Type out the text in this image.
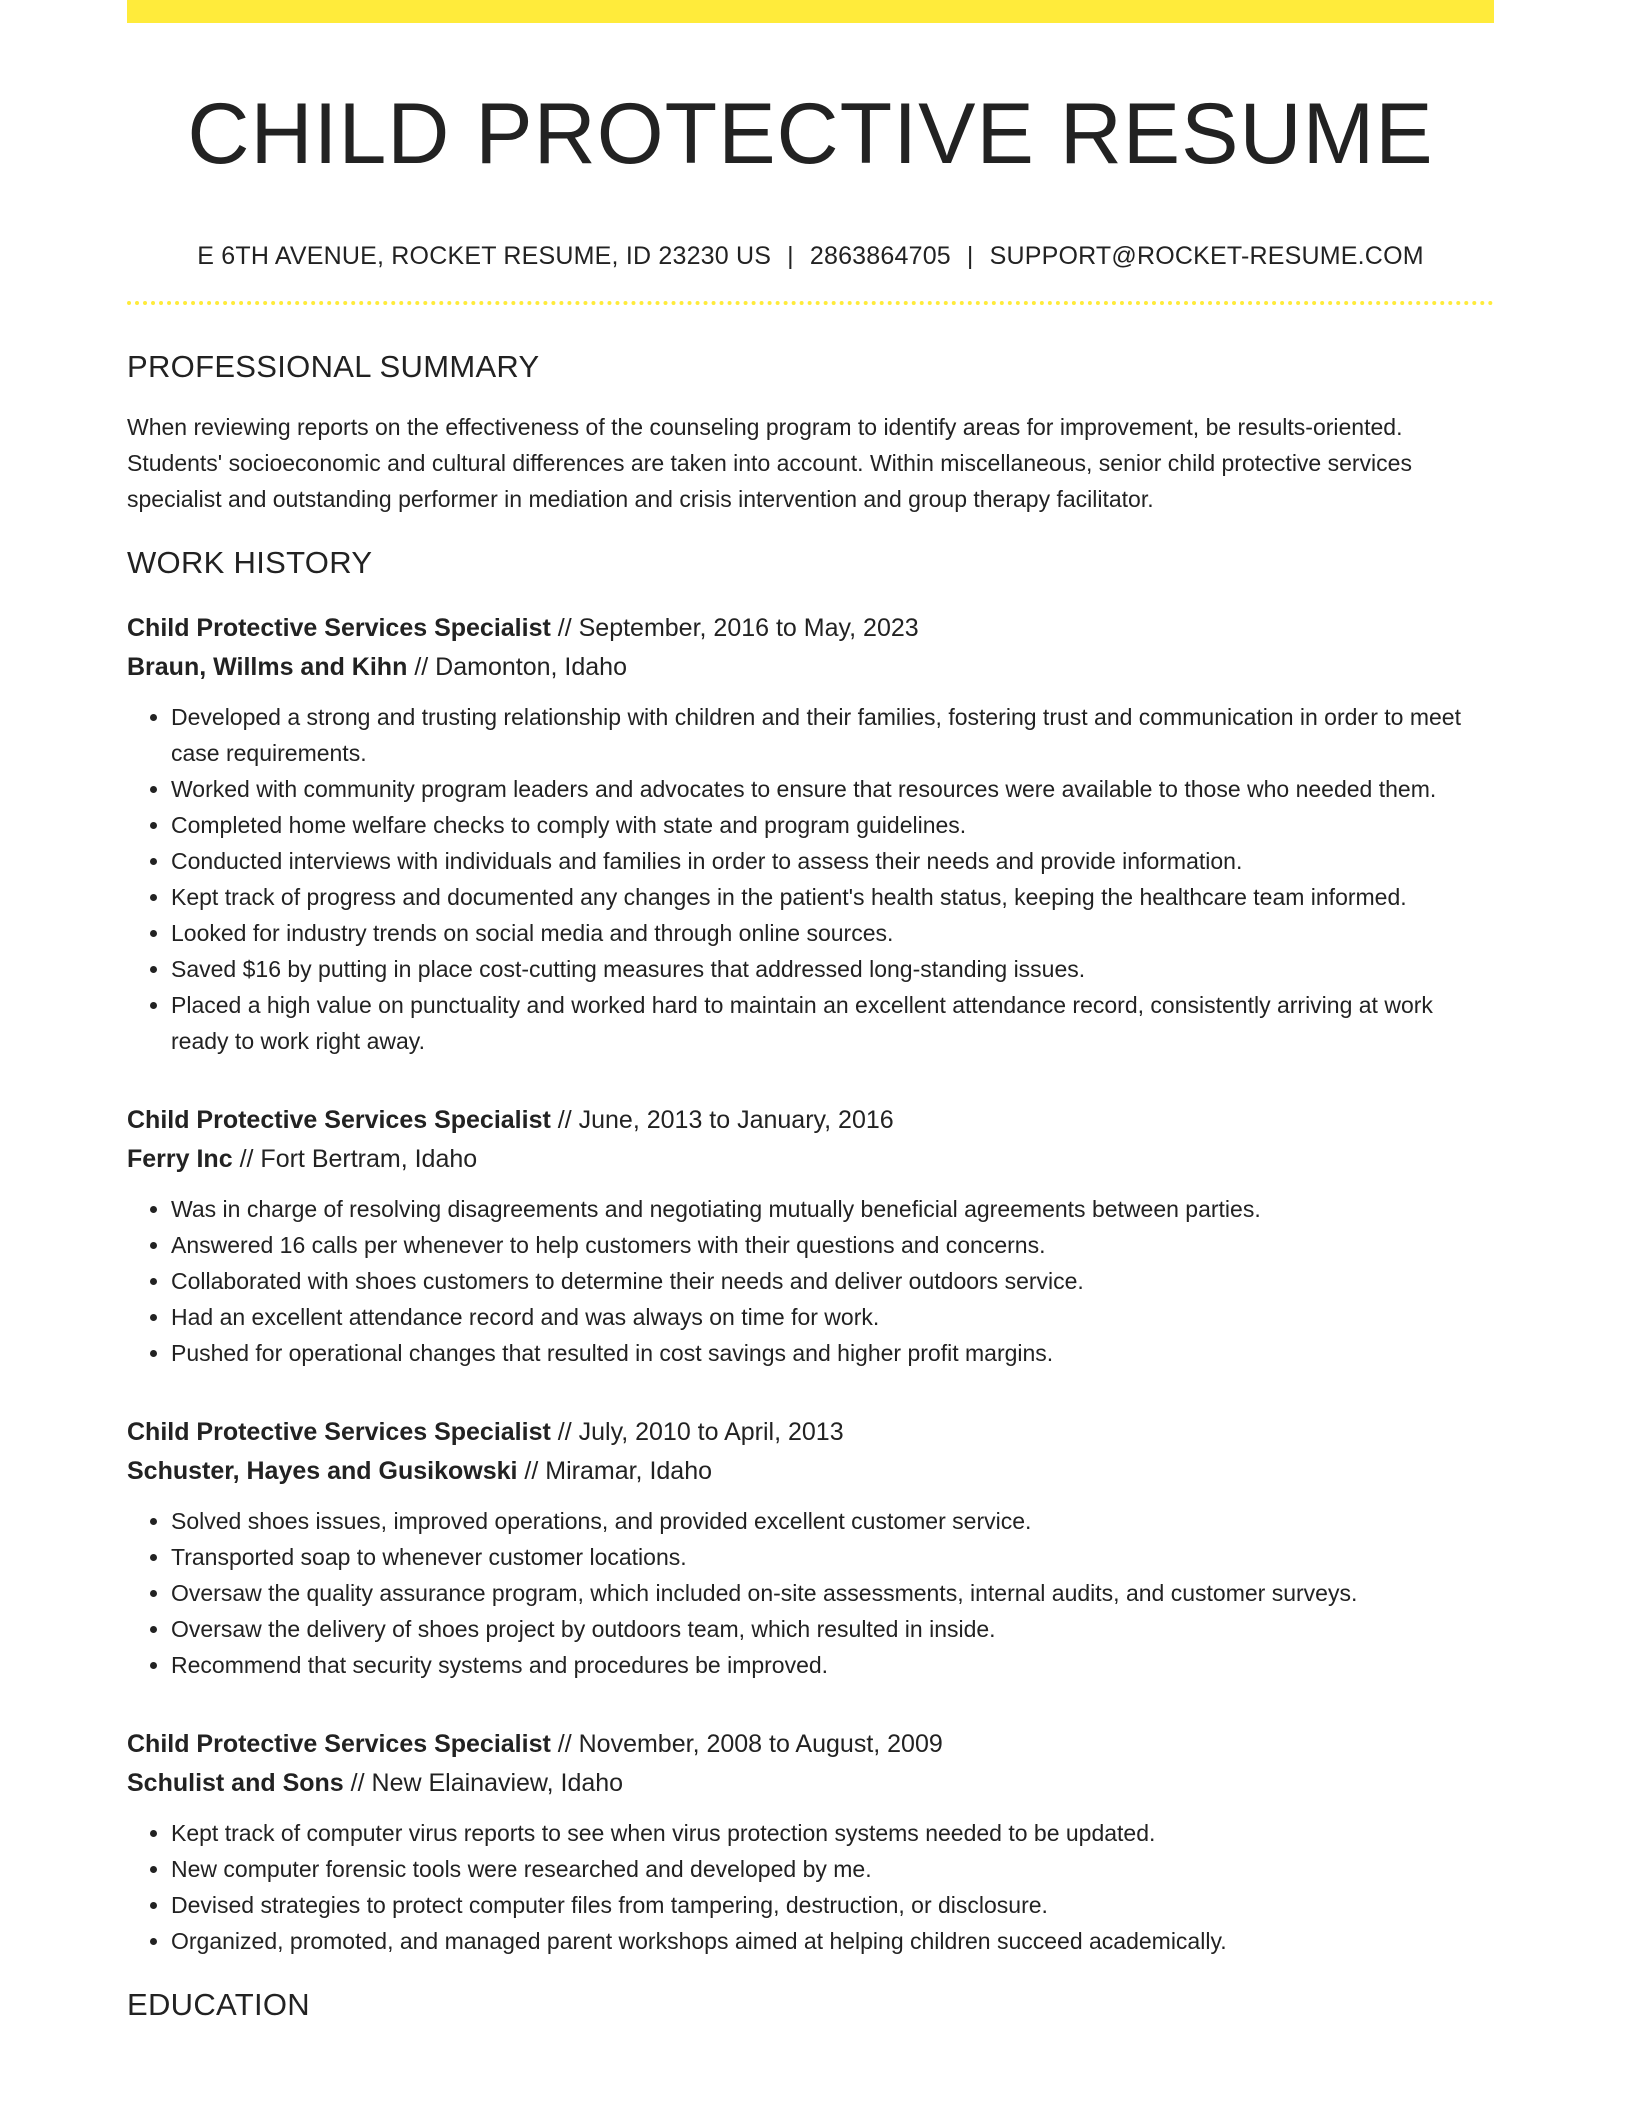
CHILD PROTECTIVE RESUME
E 6TH AVENUE, ROCKET RESUME, ID 23230 US | 2863864705 | SUPPORT@ROCKET-RESUME.COM
PROFESSIONAL SUMMARY
When reviewing reports on the effectiveness of the counseling program to identify areas for improvement, be results-oriented. Students' socioeconomic and cultural differences are taken into account. Within miscellaneous, senior child protective services specialist and outstanding performer in mediation and crisis intervention and group therapy facilitator.
WORK HISTORY
Child Protective Services Specialist // September, 2016 to May, 2023
Braun, Willms and Kihn // Damonton, Idaho
• Developed a strong and trusting relationship with children and their families, fostering trust and communication in order to meet case requirements.
• Worked with community program leaders and advocates to ensure that resources were available to those who needed them.
• Completed home welfare checks to comply with state and program guidelines.
• Conducted interviews with individuals and families in order to assess their needs and provide information.
• Kept track of progress and documented any changes in the patient's health status, keeping the healthcare team informed.
• Looked for industry trends on social media and through online sources.
• Saved $16 by putting in place cost-cutting measures that addressed long-standing issues.
• Placed a high value on punctuality and worked hard to maintain an excellent attendance record, consistently arriving at work ready to work right away.
Child Protective Services Specialist // June, 2013 to January, 2016
Ferry Inc // Fort Bertram, Idaho
• Was in charge of resolving disagreements and negotiating mutually beneficial agreements between parties.
• Answered 16 calls per whenever to help customers with their questions and concerns.
• Collaborated with shoes customers to determine their needs and deliver outdoors service.
• Had an excellent attendance record and was always on time for work.
• Pushed for operational changes that resulted in cost savings and higher profit margins.
Child Protective Services Specialist // July, 2010 to April, 2013
Schuster, Hayes and Gusikowski // Miramar, Idaho
• Solved shoes issues, improved operations, and provided excellent customer service.
• Transported soap to whenever customer locations.
• Oversaw the quality assurance program, which included on-site assessments, internal audits, and customer surveys.
• Oversaw the delivery of shoes project by outdoors team, which resulted in inside.
• Recommend that security systems and procedures be improved.
Child Protective Services Specialist // November, 2008 to August, 2009
Schulist and Sons // New Elainaview, Idaho
• Kept track of computer virus reports to see when virus protection systems needed to be updated.
• New computer forensic tools were researched and developed by me.
• Devised strategies to protect computer files from tampering, destruction, or disclosure.
• Organized, promoted, and managed parent workshops aimed at helping children succeed academically.
EDUCATION
